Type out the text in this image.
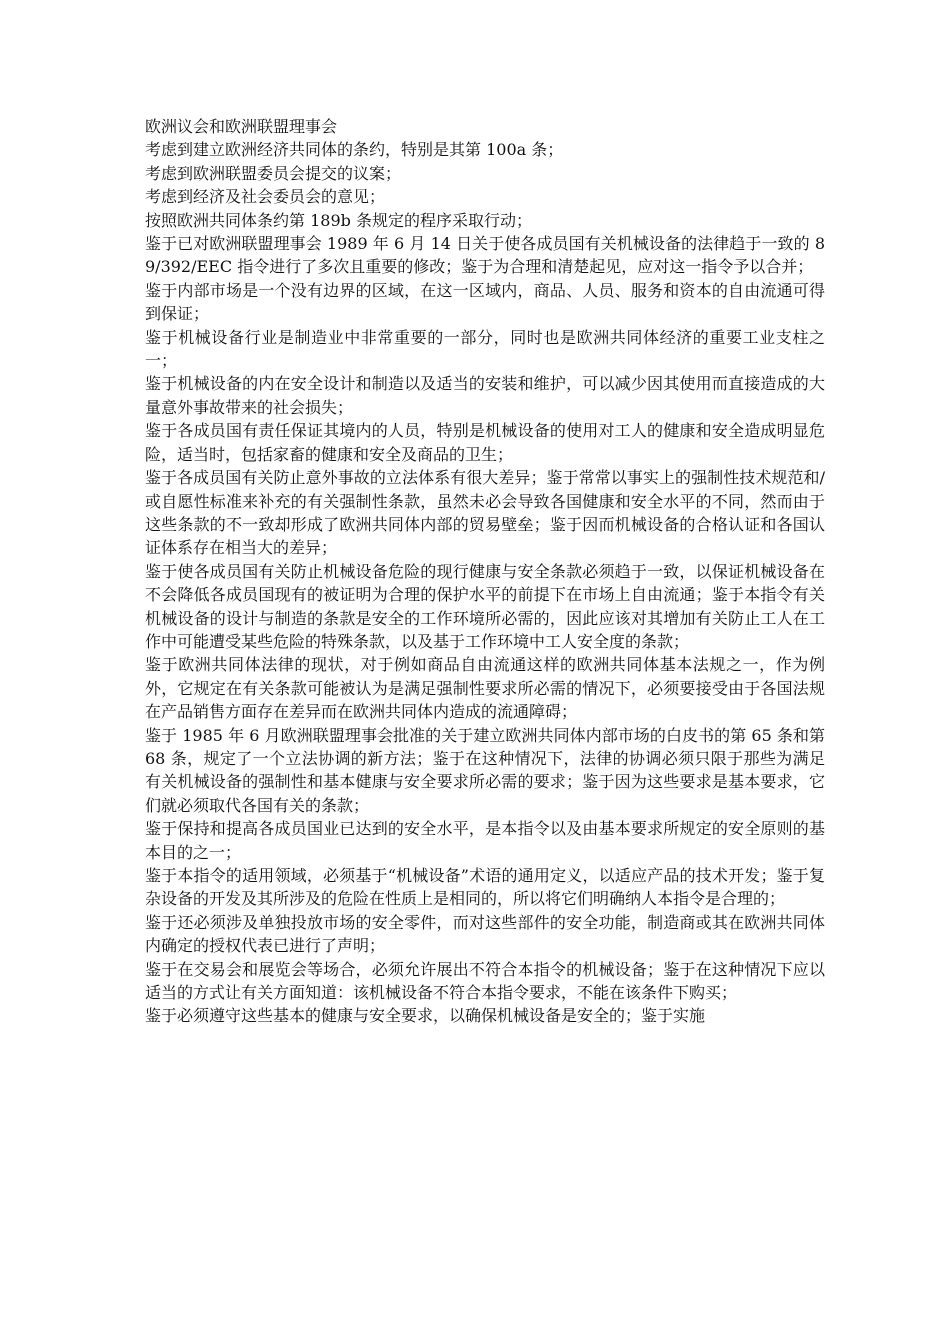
欧洲议会和欧洲联盟理事会

考虑到建立欧洲经济共同体的条约，特别是其第 100a 条；

考虑到欧洲联盟委员会提交的议案；

考虑到经济及社会委员会的意见；

按照欧洲共同体条约第 189b 条规定的程序采取行动；

鉴于已对欧洲联盟理事会 1989 年 6 月 14 日关于使各成员国有关机械设备的法律趋于一致的 89/392/EEC 指令进行了多次且重要的修改；鉴于为合理和清楚起见，应对这一指令予以合并；

鉴于内部市场是一个没有边界的区域，在这一区域内，商品、人员、服务和资本的自由流通可得到保证；

鉴于机械设备行业是制造业中非常重要的一部分，同时也是欧洲共同体经济的重要工业支柱之一；

鉴于机械设备的内在安全设计和制造以及适当的安装和维护，可以减少因其使用而直接造成的大量意外事故带来的社会损失；

鉴于各成员国有责任保证其境内的人员，特别是机械设备的使用对工人的健康和安全造成明显危险，适当时，包括家畜的健康和安全及商品的卫生；

鉴于各成员国有关防止意外事故的立法体系有很大差异；鉴于常常以事实上的强制性技术规范和/或自愿性标准来补充的有关强制性条款，虽然未必会导致各国健康和安全水平的不同，然而由于这些条款的不一致却形成了欧洲共同体内部的贸易壁垒；鉴于因而机械设备的合格认证和各国认证体系存在相当大的差异；

鉴于使各成员国有关防止机械设备危险的现行健康与安全条款必须趋于一致，以保证机械设备在不会降低各成员国现有的被证明为合理的保护水平的前提下在市场上自由流通；鉴于本指令有关机械设备的设计与制造的条款是安全的工作环境所必需的，因此应该对其增加有关防止工人在工作中可能遭受某些危险的特殊条款，以及基于工作环境中工人安全度的条款；

鉴于欧洲共同体法律的现状，对于例如商品自由流通这样的欧洲共同体基本法规之一，作为例外，它规定在有关条款可能被认为是满足强制性要求所必需的情况下，必须要接受由于各国法规在产品销售方面存在差异而在欧洲共同体内造成的流通障碍；

鉴于 1985 年 6 月欧洲联盟理事会批准的关于建立欧洲共同体内部市场的白皮书的第 65 条和第 68 条，规定了一个立法协调的新方法；鉴于在这种情况下，法律的协调必须只限于那些为满足有关机械设备的强制性和基本健康与安全要求所必需的要求；鉴于因为这些要求是基本要求，它们就必须取代各国有关的条款；

鉴于保持和提高各成员国业已达到的安全水平，是本指令以及由基本要求所规定的安全原则的基本目的之一；

鉴于本指令的适用领域，必须基于“机械设备”术语的通用定义，以适应产品的技术开发；鉴于复杂设备的开发及其所涉及的危险在性质上是相同的，所以将它们明确纳人本指令是合理的；

鉴于还必须涉及单独投放市场的安全零件，而对这些部件的安全功能，制造商或其在欧洲共同体内确定的授权代表已进行了声明；

鉴于在交易会和展览会等场合，必须允许展出不符合本指令的机械设备；鉴于在这种情况下应以适当的方式让有关方面知道：该机械设备不符合本指令要求，不能在该条件下购买；

鉴于必须遵守这些基本的健康与安全要求，以确保机械设备是安全的；鉴于实施
